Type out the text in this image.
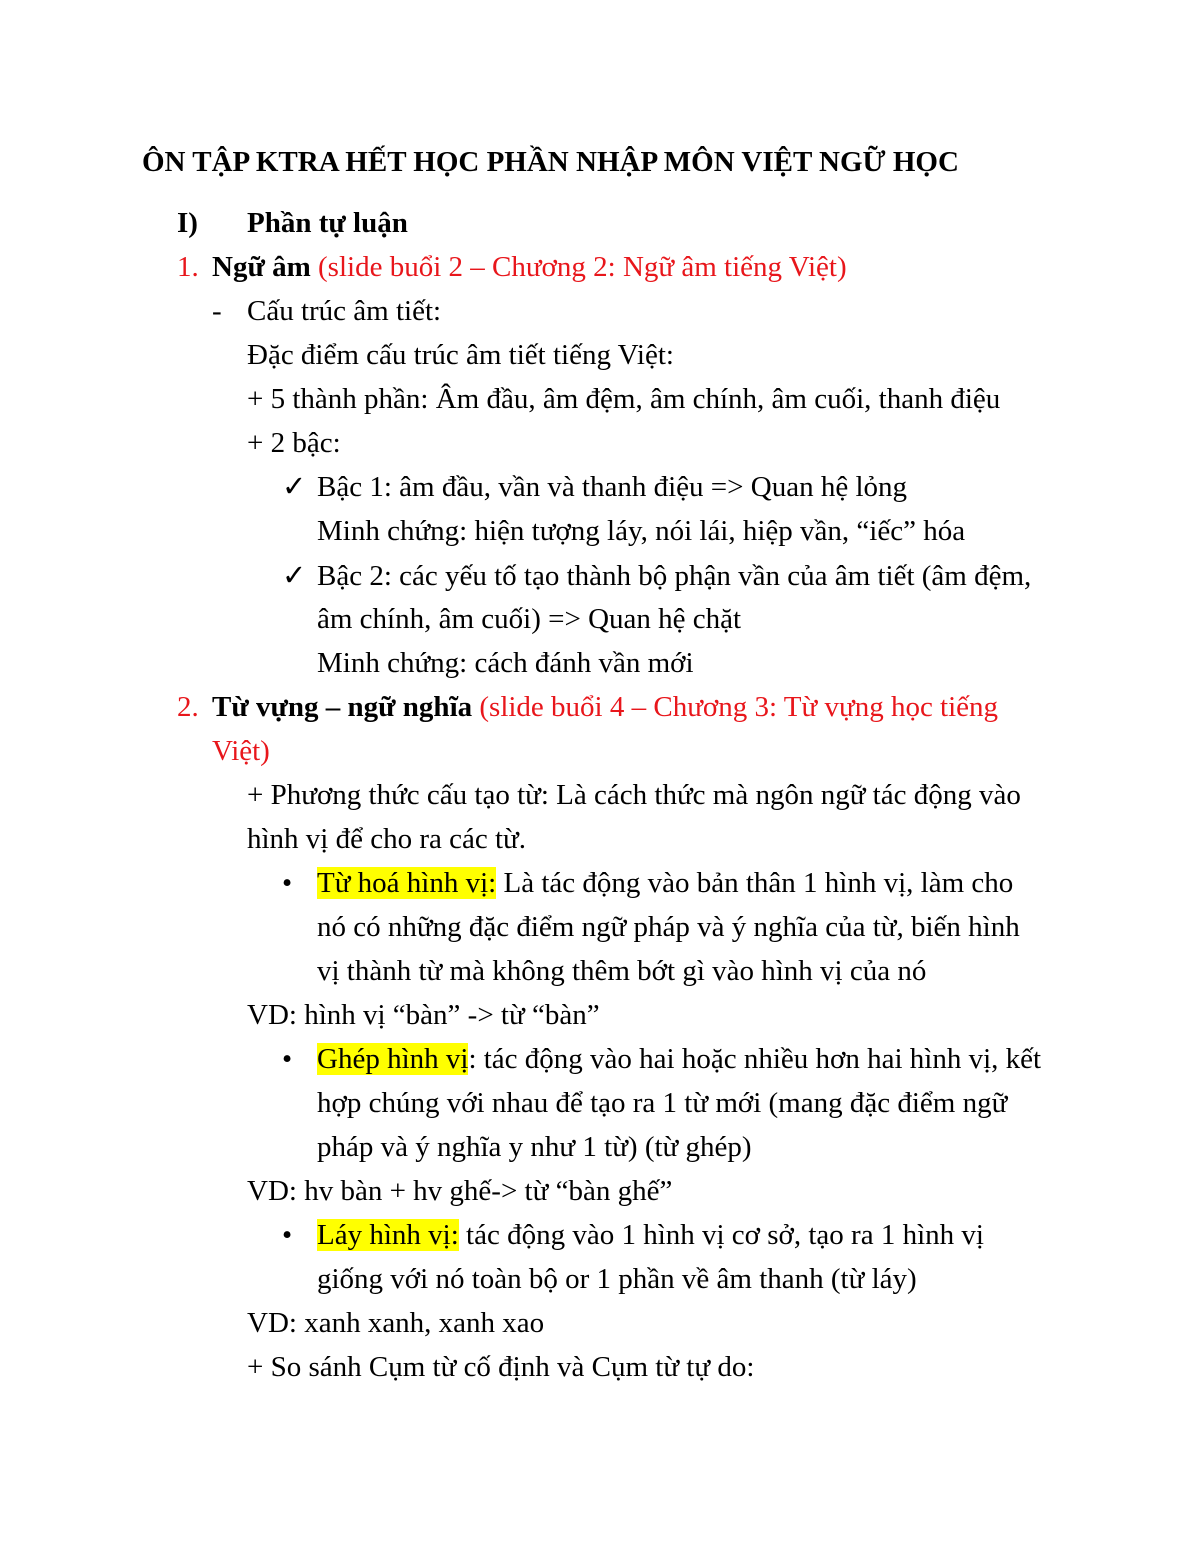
ÔN TẬP KTRA HẾT HỌC PHẦN NHẬP MÔN VIỆT NGỮ HỌC
I) Phần tự luận
1. Ngữ âm (slide buổi 2 – Chương 2: Ngữ âm tiếng Việt)
- Cấu trúc âm tiết:
Đặc điểm cấu trúc âm tiết tiếng Việt:
+ 5 thành phần: Âm đầu, âm đệm, âm chính, âm cuối, thanh điệu
+ 2 bậc:
✓ Bậc 1: âm đầu, vần và thanh điệu => Quan hệ lỏng
Minh chứng: hiện tượng láy, nói lái, hiệp vần, “iếc” hóa
✓ Bậc 2: các yếu tố tạo thành bộ phận vần của âm tiết (âm đệm,
âm chính, âm cuối) => Quan hệ chặt
Minh chứng: cách đánh vần mới
2. Từ vựng – ngữ nghĩa (slide buổi 4 – Chương 3: Từ vựng học tiếng
Việt)
+ Phương thức cấu tạo từ: Là cách thức mà ngôn ngữ tác động vào
hình vị để cho ra các từ.
• Từ hoá hình vị: Là tác động vào bản thân 1 hình vị, làm cho
nó có những đặc điểm ngữ pháp và ý nghĩa của từ, biến hình
vị thành từ mà không thêm bớt gì vào hình vị của nó
VD: hình vị “bàn” -> từ “bàn”
• Ghép hình vị: tác động vào hai hoặc nhiều hơn hai hình vị, kết
hợp chúng với nhau để tạo ra 1 từ mới (mang đặc điểm ngữ
pháp và ý nghĩa y như 1 từ) (từ ghép)
VD: hv bàn + hv ghế-> từ “bàn ghế”
• Láy hình vị: tác động vào 1 hình vị cơ sở, tạo ra 1 hình vị
giống với nó toàn bộ or 1 phần về âm thanh (từ láy)
VD: xanh xanh, xanh xao
+ So sánh Cụm từ cố định và Cụm từ tự do:
